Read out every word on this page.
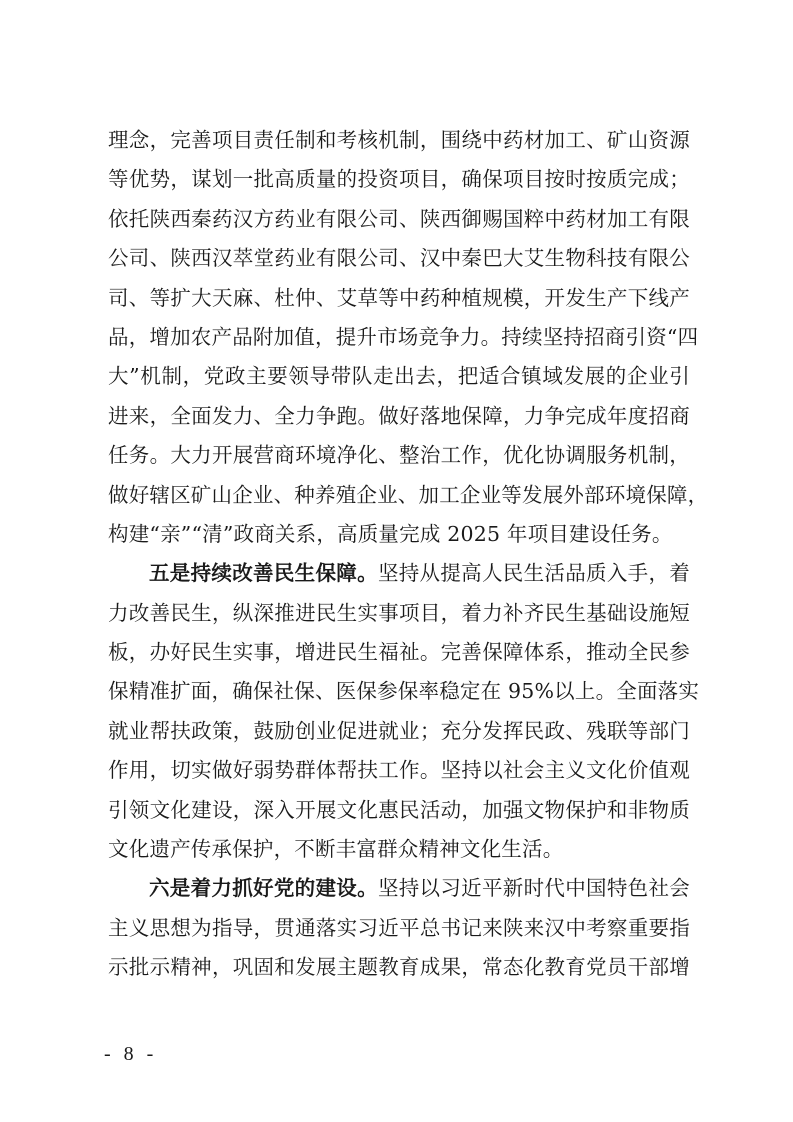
理念，完善项目责任制和考核机制，围绕中药材加工、矿山资源
等优势，谋划一批高质量的投资项目，确保项目按时按质完成；
依托陕西秦药汉方药业有限公司、陕西御赐国粹中药材加工有限
公司、陕西汉萃堂药业有限公司、汉中秦巴大艾生物科技有限公
司、等扩大天麻、杜仲、艾草等中药种植规模，开发生产下线产
品，增加农产品附加值，提升市场竞争力。持续坚持招商引资“四
大”机制，党政主要领导带队走出去，把适合镇域发展的企业引
进来，全面发力、全力争跑。做好落地保障，力争完成年度招商
任务。大力开展营商环境净化、整治工作，优化协调服务机制，
做好辖区矿山企业、种养殖企业、加工企业等发展外部环境保障，
构建“亲”“清”政商关系，高质量完成 2025 年项目建设任务。
五是持续改善民生保障。坚持从提高人民生活品质入手，着
力改善民生，纵深推进民生实事项目，着力补齐民生基础设施短
板，办好民生实事，增进民生福祉。完善保障体系，推动全民参
保精准扩面，确保社保、医保参保率稳定在 95%以上。全面落实
就业帮扶政策，鼓励创业促进就业；充分发挥民政、残联等部门
作用，切实做好弱势群体帮扶工作。坚持以社会主义文化价值观
引领文化建设，深入开展文化惠民活动，加强文物保护和非物质
文化遗产传承保护，不断丰富群众精神文化生活。
六是着力抓好党的建设。坚持以习近平新时代中国特色社会
主义思想为指导，贯通落实习近平总书记来陕来汉中考察重要指
示批示精神，巩固和发展主题教育成果，常态化教育党员干部增
- 8 -
